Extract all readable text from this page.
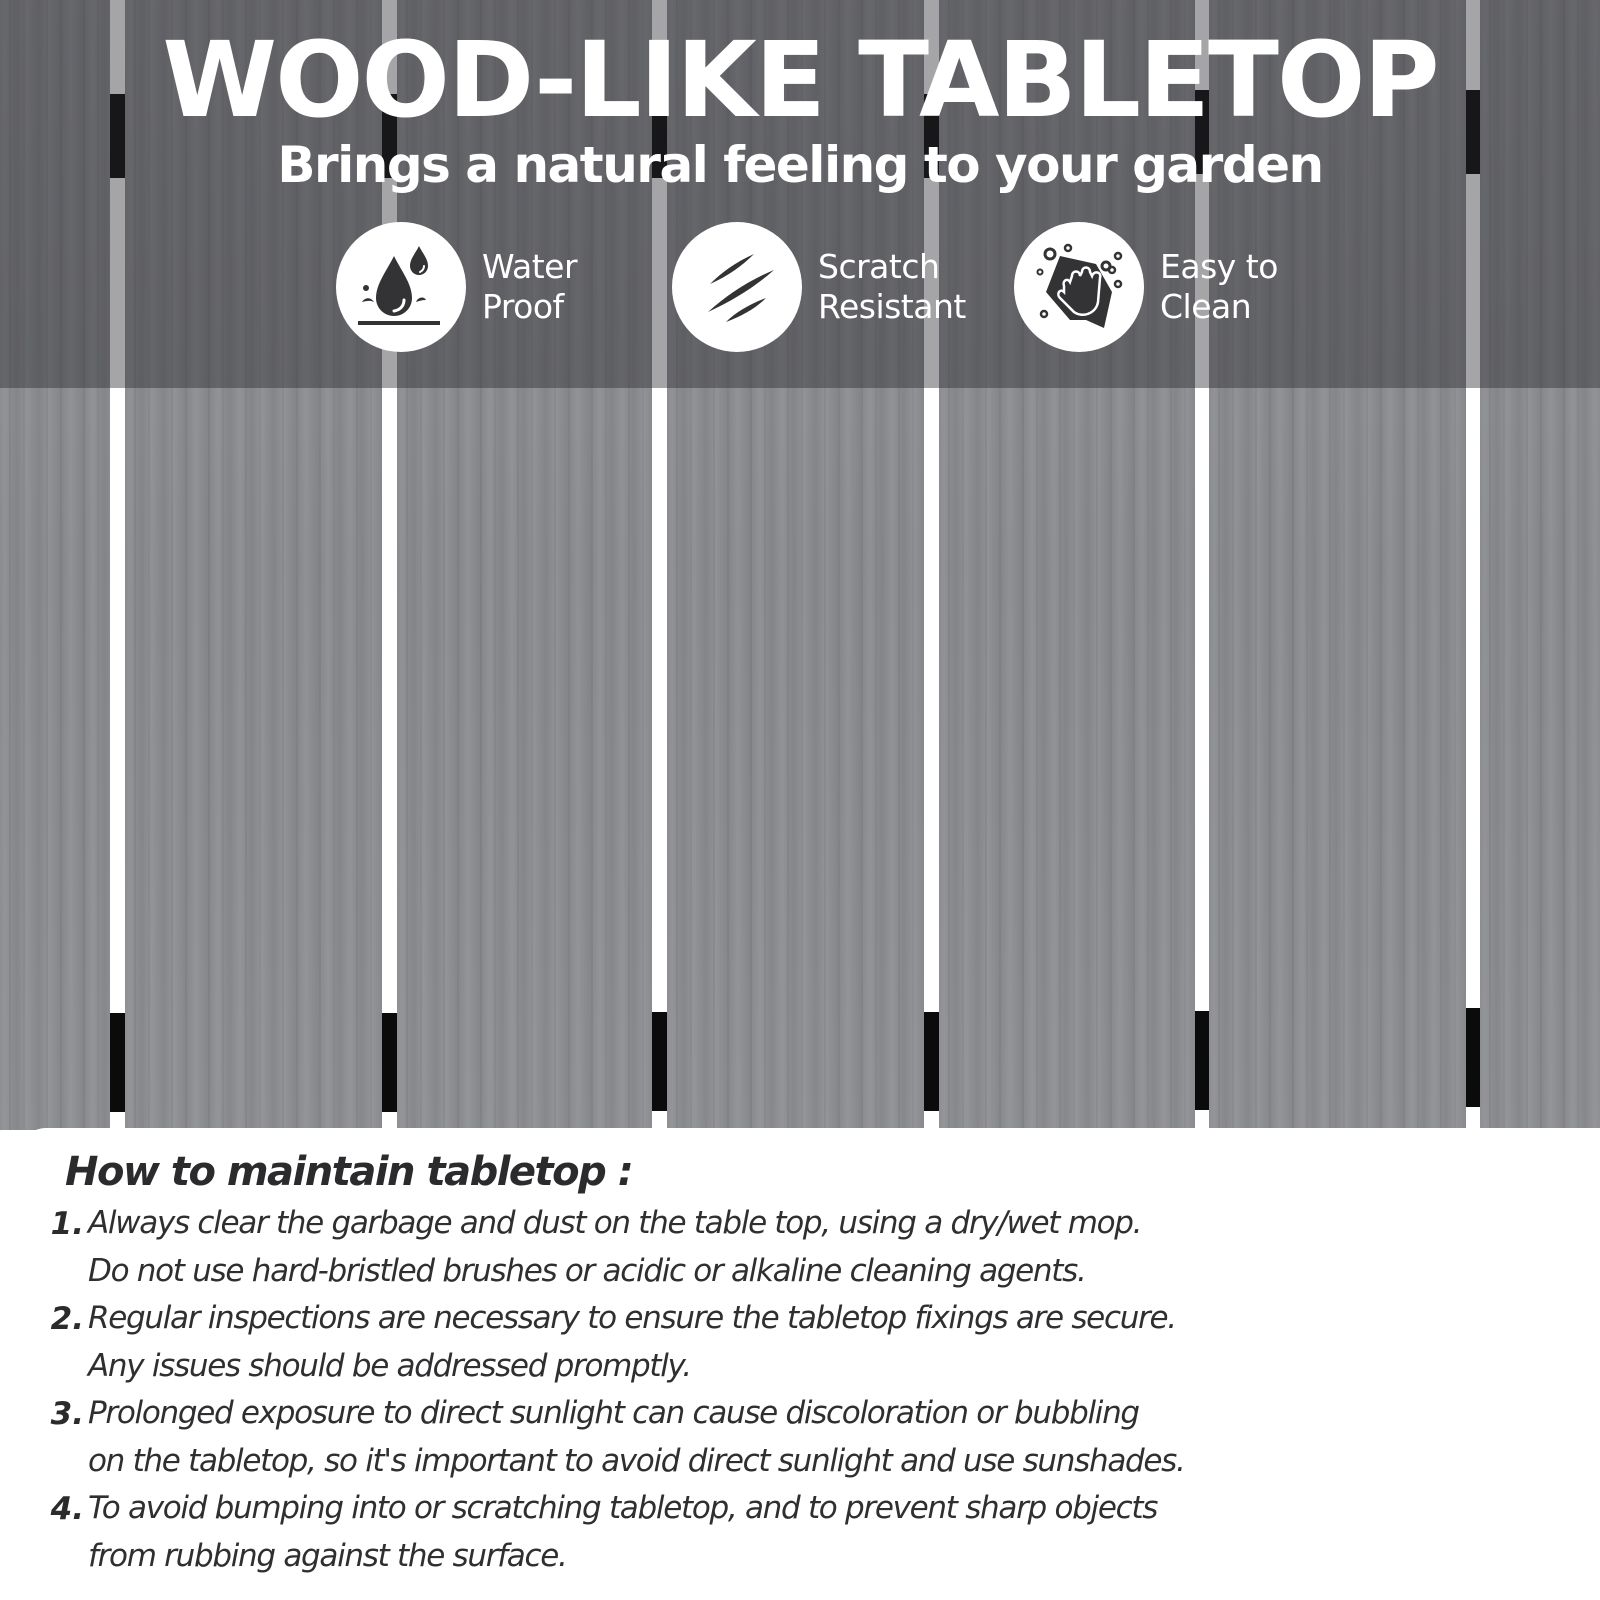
WOOD-LIKE TABLETOP
Brings a natural feeling to your garden
Water
Proof
Scratch
Resistant
Easy to
Clean
How to maintain tabletop :
1. Always clear the garbage and dust on the table top, using a dry/wet mop.
Do not use hard-bristled brushes or acidic or alkaline cleaning agents.
2. Regular inspections are necessary to ensure the tabletop fixings are secure.
Any issues should be addressed promptly.
3. Prolonged exposure to direct sunlight can cause discoloration or bubbling
on the tabletop, so it's important to avoid direct sunlight and use sunshades.
4. To avoid bumping into or scratching tabletop, and to prevent sharp objects
from rubbing against the surface.
